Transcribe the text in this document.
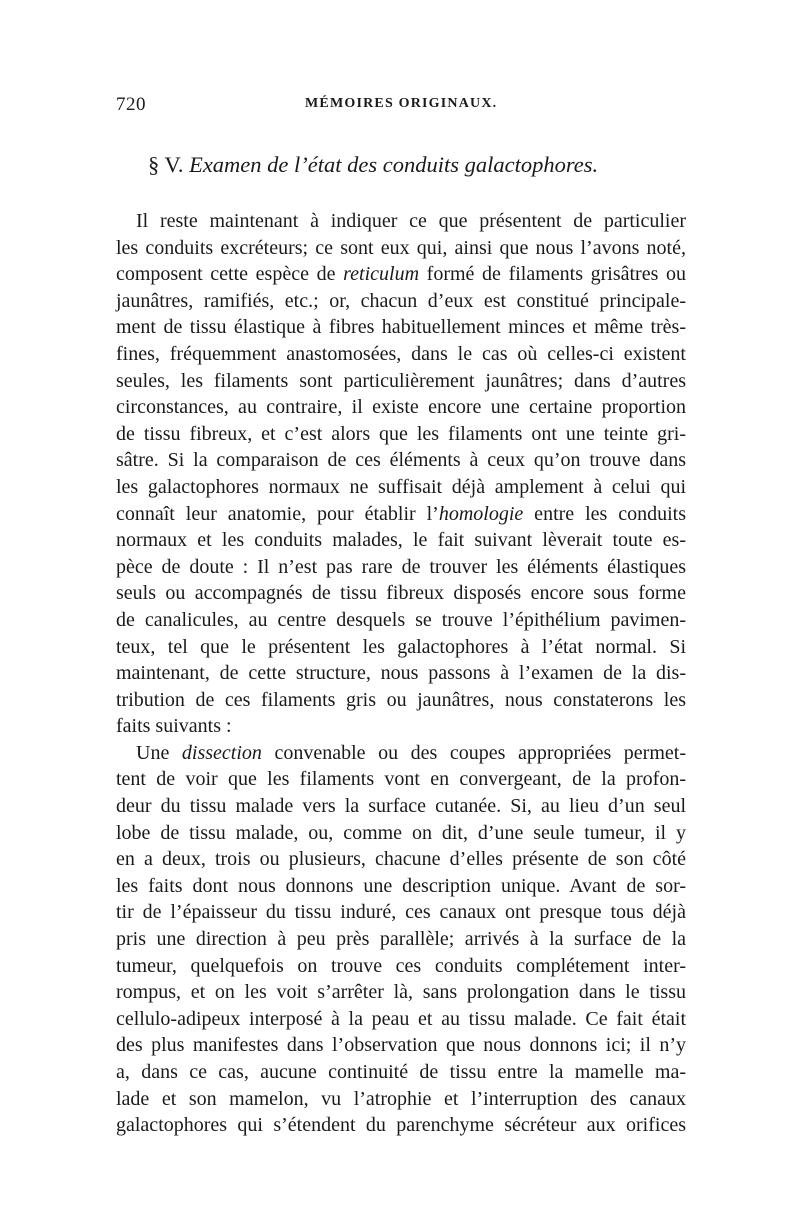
720	MÉMOIRES ORIGINAUX.
§ V. Examen de l’état des conduits galactophores.
Il reste maintenant à indiquer ce que présentent de particulier
les conduits excréteurs; ce sont eux qui, ainsi que nous l’avons noté,
composent cette espèce de reticulum formé de filaments grisâtres ou
jaunâtres, ramifiés, etc.; or, chacun d’eux est constitué principale-
ment de tissu élastique à fibres habituellement minces et même très-
fines, fréquemment anastomosées, dans le cas où celles-ci existent
seules, les filaments sont particulièrement jaunâtres; dans d’autres
circonstances, au contraire, il existe encore une certaine proportion
de tissu fibreux, et c’est alors que les filaments ont une teinte gri-
sâtre. Si la comparaison de ces éléments à ceux qu’on trouve dans
les galactophores normaux ne suffisait déjà amplement à celui qui
connaît leur anatomie, pour établir l’homologie entre les conduits
normaux et les conduits malades, le fait suivant lèverait toute es-
pèce de doute : Il n’est pas rare de trouver les éléments élastiques
seuls ou accompagnés de tissu fibreux disposés encore sous forme
de canalicules, au centre desquels se trouve l’épithélium pavimen-
teux, tel que le présentent les galactophores à l’état normal. Si
maintenant, de cette structure, nous passons à l’examen de la dis-
tribution de ces filaments gris ou jaunâtres, nous constaterons les
faits suivants :
Une dissection convenable ou des coupes appropriées permet-
tent de voir que les filaments vont en convergeant, de la profon-
deur du tissu malade vers la surface cutanée. Si, au lieu d’un seul
lobe de tissu malade, ou, comme on dit, d’une seule tumeur, il y
en a deux, trois ou plusieurs, chacune d’elles présente de son côté
les faits dont nous donnons une description unique. Avant de sor-
tir de l’épaisseur du tissu induré, ces canaux ont presque tous déjà
pris une direction à peu près parallèle; arrivés à la surface de la
tumeur, quelquefois on trouve ces conduits complétement inter-
rompus, et on les voit s’arrêter là, sans prolongation dans le tissu
cellulo-adipeux interposé à la peau et au tissu malade. Ce fait était
des plus manifestes dans l’observation que nous donnons ici; il n’y
a, dans ce cas, aucune continuité de tissu entre la mamelle ma-
lade et son mamelon, vu l’atrophie et l’interruption des canaux
galactophores qui s’étendent du parenchyme sécréteur aux orifices
